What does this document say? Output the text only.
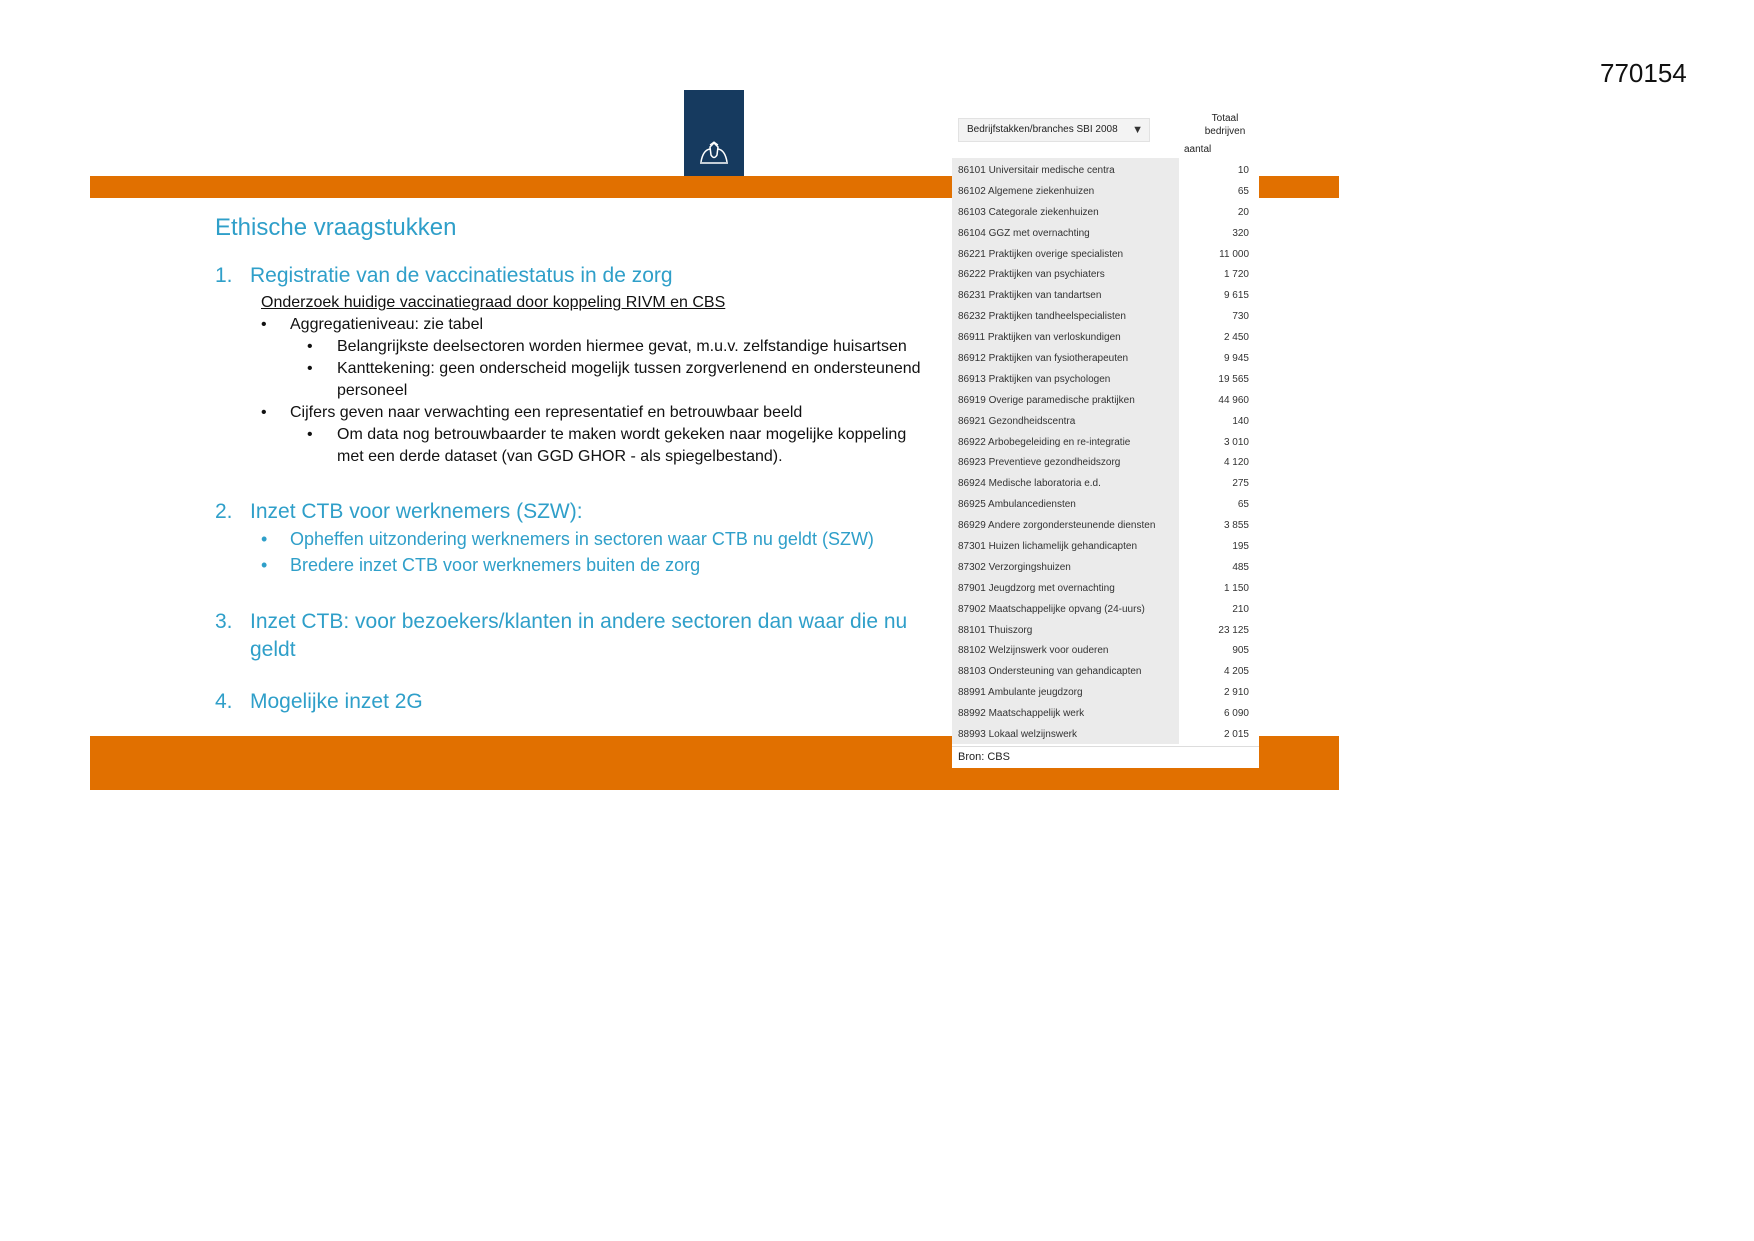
770154
Ethische vraagstukken
1. Registratie van de vaccinatiestatus in de zorg
Onderzoek huidige vaccinatiegraad door koppeling RIVM en CBS
• Aggregatieniveau: zie tabel
• Belangrijkste deelsectoren worden hiermee gevat, m.u.v. zelfstandige huisartsen
• Kanttekening: geen onderscheid mogelijk tussen zorgverlenend en ondersteunend personeel
• Cijfers geven naar verwachting een representatief en betrouwbaar beeld
• Om data nog betrouwbaarder te maken wordt gekeken naar mogelijke koppeling met een derde dataset (van GGD GHOR - als spiegelbestand).
2. Inzet CTB voor werknemers (SZW):
• Opheffen uitzondering werknemers in sectoren waar CTB nu geldt (SZW)
• Bredere inzet CTB voor werknemers buiten de zorg
3. Inzet CTB: voor bezoekers/klanten in andere sectoren dan waar die nu geldt
4. Mogelijke inzet 2G
Bedrijfstakken/branches SBI 2008 ▼
Totaal bedrijven
aantal
86101 Universitair medische centra	10
86102 Algemene ziekenhuizen	65
86103 Categorale ziekenhuizen	20
86104 GGZ met overnachting	320
86221 Praktijken overige specialisten	11 000
86222 Praktijken van psychiaters	1 720
86231 Praktijken van tandartsen	9 615
86232 Praktijken tandheelspecialisten	730
86911 Praktijken van verloskundigen	2 450
86912 Praktijken van fysiotherapeuten	9 945
86913 Praktijken van psychologen	19 565
86919 Overige paramedische praktijken	44 960
86921 Gezondheidscentra	140
86922 Arbobegeleiding en re-integratie	3 010
86923 Preventieve gezondheidszorg	4 120
86924 Medische laboratoria e.d.	275
86925 Ambulancediensten	65
86929 Andere zorgondersteunende diensten	3 855
87301 Huizen lichamelijk gehandicapten	195
87302 Verzorgingshuizen	485
87901 Jeugdzorg met overnachting	1 150
87902 Maatschappelijke opvang (24-uurs)	210
88101 Thuiszorg	23 125
88102 Welzijnswerk voor ouderen	905
88103 Ondersteuning van gehandicapten	4 205
88991 Ambulante jeugdzorg	2 910
88992 Maatschappelijk werk	6 090
88993 Lokaal welzijnswerk	2 015
Bron: CBS
